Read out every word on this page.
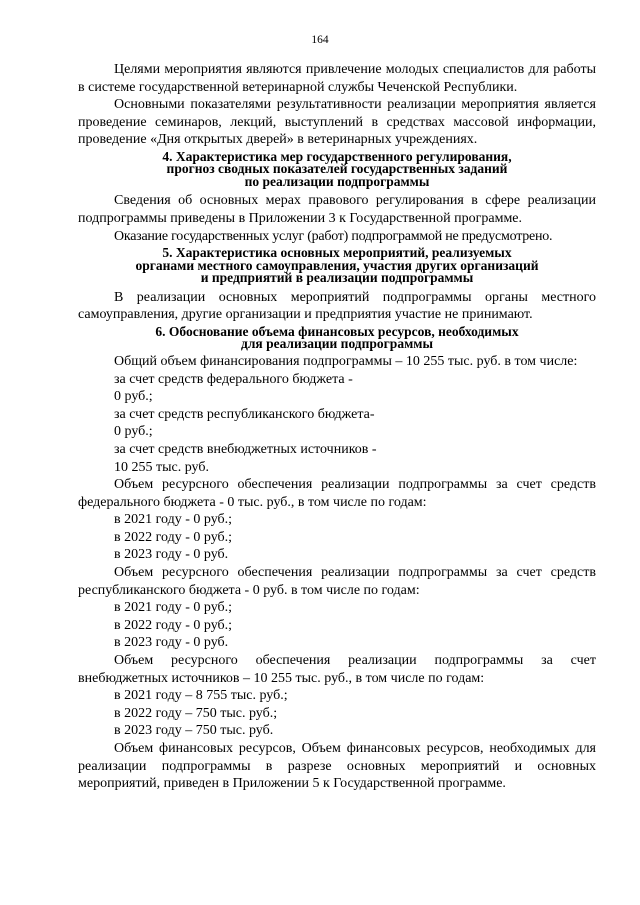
164

Целями мероприятия являются привлечение молодых специалистов для работы в системе государственной ветеринарной службы Чеченской Республики.

Основными показателями результативности реализации мероприятия является проведение семинаров, лекций, выступлений в средствах массовой информации, проведение «Дня открытых дверей» в ветеринарных учреждениях.

4. Характеристика мер государственного регулирования,
прогноз сводных показателей государственных заданий
по реализации подпрограммы

Сведения об основных мерах правового регулирования в сфере реализации подпрограммы приведены в Приложении 3 к Государственной программе.

Оказание государственных услуг (работ) подпрограммой не предусмотрено.

5. Характеристика основных мероприятий, реализуемых
органами местного самоуправления, участия других организаций
и предприятий в реализации подпрограммы

В реализации основных мероприятий подпрограммы органы местного самоуправления, другие организации и предприятия участие не принимают.

6. Обоснование объема финансовых ресурсов, необходимых
для реализации подпрограммы

Общий объем финансирования подпрограммы – 10 255 тыс. руб. в том числе:

за счет средств федерального бюджета -

0 руб.;

за счет средств республиканского бюджета-

0 руб.;

за счет средств внебюджетных источников -

10 255 тыс. руб.

Объем ресурсного обеспечения реализации подпрограммы за счет средств федерального бюджета - 0 тыс. руб., в том числе по годам:

в 2021 году - 0 руб.;

в 2022 году - 0 руб.;

в 2023 году - 0 руб.

Объем ресурсного обеспечения реализации подпрограммы за счет средств республиканского бюджета - 0 руб. в том числе по годам:

в 2021 году - 0 руб.;

в 2022 году - 0 руб.;

в 2023 году - 0 руб.

Объем ресурсного обеспечения реализации подпрограммы за счет внебюджетных источников – 10 255 тыс. руб., в том числе по годам:

в 2021 году – 8 755 тыс. руб.;

в 2022 году – 750 тыс. руб.;

в 2023 году – 750 тыс. руб.

Объем финансовых ресурсов, Объем финансовых ресурсов, необходимых для реализации подпрограммы в разрезе основных мероприятий и основных мероприятий, приведен в Приложении 5 к Государственной программе.
